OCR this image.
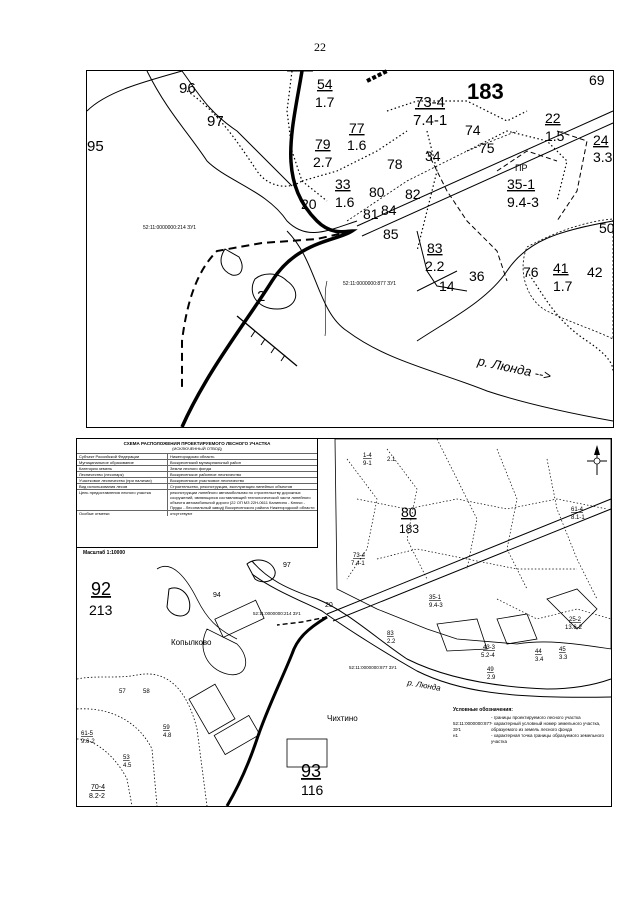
22
96
97
54
1.7	73-4
7.4-1
183	69
77
1.6
79
2.7
74
22
1.5 24
3.3
78 34	75
33
1.6
80 82
35-1
9.4-3
20
81 84
85	50
83
2.2
36	76 41
1.7
42
14
2
95
ПР
52:11:0000000:214 ЗУ1
52:11:0000000:877 ЗУ1
р. Люнда -->
92
213
93
116
80
183
97
94
20
73-4
7.4-1
35-1
9.4-3
83
2.2
25-2
13.6-2
43-3
5.2-4
45
3.3
44
3.4
49
2.9
70-4
8.2-2
61-5
9.6-2
53
4.5
59
4.8
57	58
1-4
9-1
2.1
61-4
8.1-1
Копылково
Чихтино
р. Люнда
52:11:0000000:214 ЗУ1
52:11:0000000:877 ЗУ1
СХЕМА РАСПОЛОЖЕНИЯ ПРОЕКТИРУЕМОГО ЛЕСНОГО УЧАСТКА
(ИСКЛЮЧЕННЫЙ ОТВОД)
Субъект Российской Федерации	Нижегородская область
Муниципальное образование	Воскресенский муниципальный район
Категория земель	Земли лесного фонда
Лесничество (лесопарк)	Воскресенское районное лесничество
Участковое лесничество (при наличии)	Воскресенское участковое лесничество
Вид использования лесов	Строительство, реконструкция, эксплуатация линейных объектов
Цель предоставления лесного участка	реконструкции линейного автомобильная по строительству дорожных сооружений, являющихся составляющей технологической части линейного объекта автомобильной дороги (22 ОП МЗ 22Н-0611 Калинино - Ключи - Пруды - Лесопильный завод) Воскресенского района Нижегородской области
Особые отметки	отсутствуют
Масштаб 1:10000
Условные обозначения:
- границы проектируемого лесного участка
52:11:0000000:877 ЗУ1
- характерный условный номер земельного участка, образуемого из земель лесного фонда
н1	- характерная точка границы образуемого земельного участка
